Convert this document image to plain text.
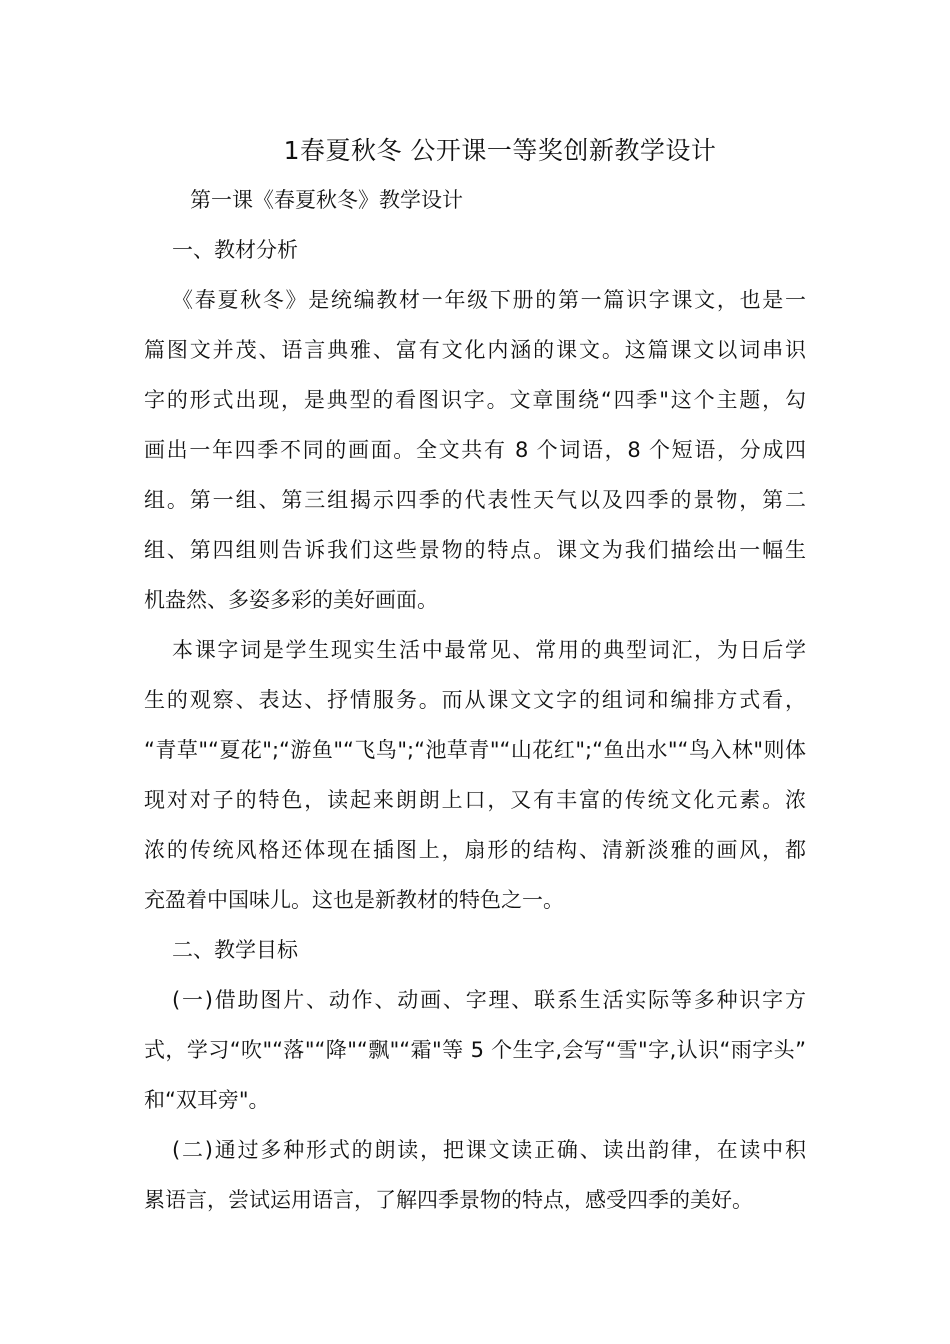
1春夏秋冬 公开课一等奖创新教学设计

第一课《春夏秋冬》教学设计

一、教材分析

《春夏秋冬》是统编教材一年级下册的第一篇识字课文，也是一

篇图文并茂、语言典雅、富有文化内涵的课文。这篇课文以词串识

字的形式出现，是典型的看图识字。文章围绕“四季"这个主题，勾

画出一年四季不同的画面。全文共有 8 个词语，8 个短语，分成四

组。第一组、第三组揭示四季的代表性天气以及四季的景物，第二

组、第四组则告诉我们这些景物的特点。课文为我们描绘出一幅生

机盎然、多姿多彩的美好画面。

本课字词是学生现实生活中最常见、常用的典型词汇，为日后学

生的观察、表达、抒情服务。而从课文文字的组词和编排方式看，

“青草"“夏花";“游鱼"“飞鸟";“池草青"“山花红";“鱼出水"“鸟入林"则体

现对对子的特色，读起来朗朗上口，又有丰富的传统文化元素。浓

浓的传统风格还体现在插图上，扇形的结构、清新淡雅的画风，都

充盈着中国味儿。这也是新教材的特色之一。

二、教学目标

(一)借助图片、动作、动画、字理、联系生活实际等多种识字方

式，学习“吹"“落"“降"“飘"“霜"等 5 个生字,会写“雪"字,认识“雨字头”

和“双耳旁"。

(二)通过多种形式的朗读，把课文读正确、读出韵律，在读中积

累语言，尝试运用语言，了解四季景物的特点，感受四季的美好。
